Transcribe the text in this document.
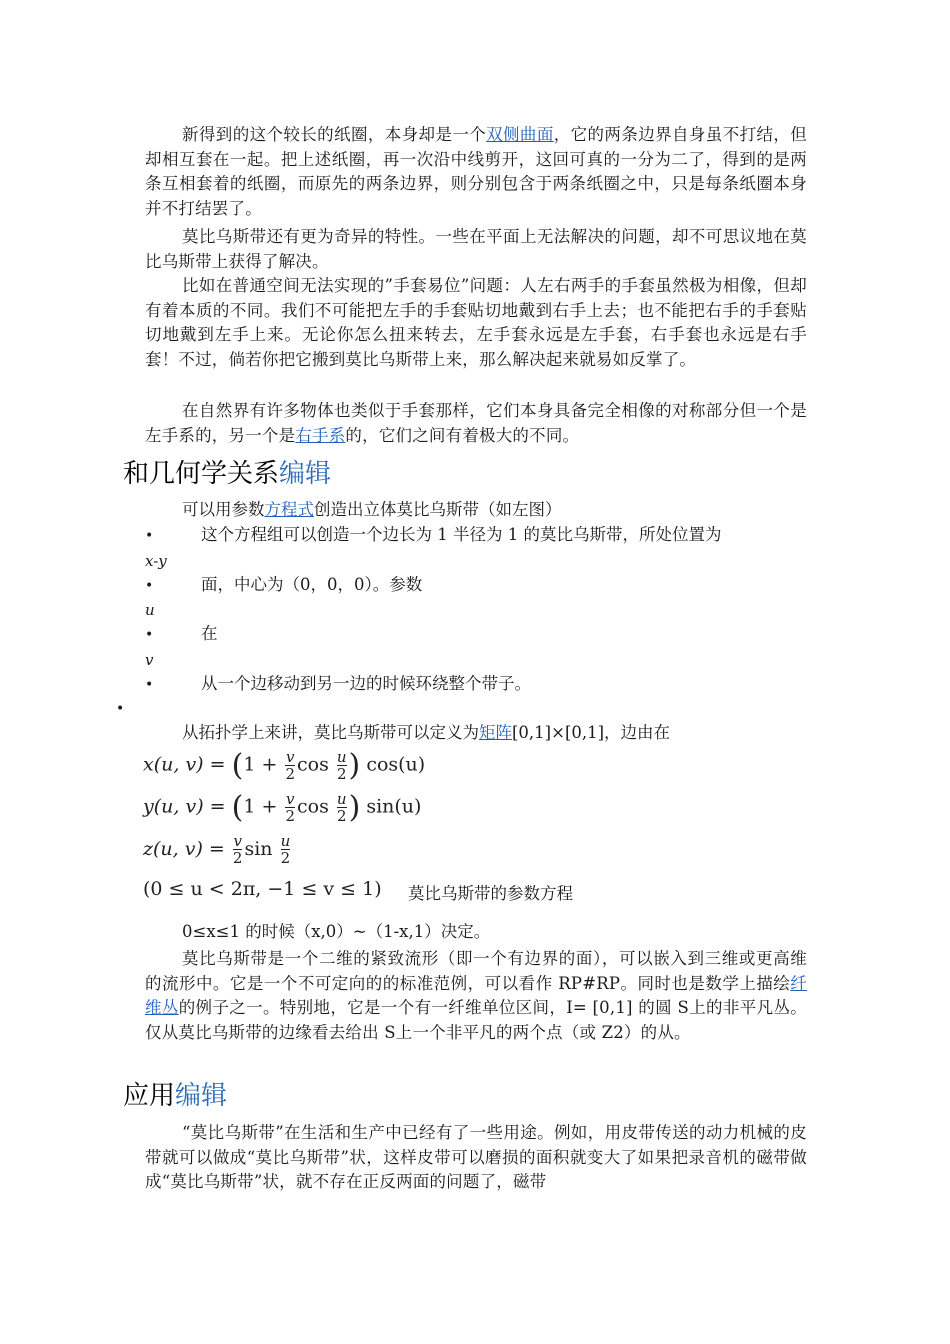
新得到的这个较长的纸圈，本身却是一个双侧曲面，它的两条边界自身虽不打结，但却相互套在一起。把上述纸圈，再一次沿中线剪开，这回可真的一分为二了，得到的是两条互相套着的纸圈，而原先的两条边界，则分别包含于两条纸圈之中，只是每条纸圈本身并不打结罢了。
莫比乌斯带还有更为奇异的特性。一些在平面上无法解决的问题，却不可思议地在莫比乌斯带上获得了解决。
比如在普通空间无法实现的”手套易位”问题：人左右两手的手套虽然极为相像，但却有着本质的不同。我们不可能把左手的手套贴切地戴到右手上去；也不能把右手的手套贴切地戴到左手上来。无论你怎么扭来转去，左手套永远是左手套，右手套也永远是右手套！不过，倘若你把它搬到莫比乌斯带上来，那么解决起来就易如反掌了。
在自然界有许多物体也类似于手套那样，它们本身具备完全相像的对称部分但一个是左手系的，另一个是右手系的，它们之间有着极大的不同。
和几何学关系编辑
可以用参数方程式创造出立体莫比乌斯带（如左图）
•	这个方程组可以创造一个边长为 1 半径为 1 的莫比乌斯带，所处位置为
x-y
•	面，中心为（0，0，0）。参数
u
•	在
v
•	从一个边移动到另一边的时候环绕整个带子。
•
从拓扑学上来讲，莫比乌斯带可以定义为矩阵[0,1]×[0,1]，边由在
x(u, $v) = (1 + \frac{v}{2}$ $\cos \frac{u}{2}$ ) cos(u)
y(u, $v) = (1 + \frac{v}{2}$ $\cos \frac{u}{2}$ ) sin(u)
z(u, $v) = \frac{v}{2}$ $\sin \frac{u}{2}$
(0 ≤ u < 2π, −1 ≤ v ≤ 1) 莫比乌斯带的参数方程
0≤x≤1 的时候（x,0）~（1-x,1）决定。
莫比乌斯带是一个二维的紧致流形（即一个有边界的面），可以嵌入到三维或更高维的流形中。它是一个不可定向的的标准范例，可以看作 RP#RP。同时也是数学上描绘纤维丛的例子之一。特别地，它是一个有一纤维单位区间，I= [0,1] 的圆 S上的非平凡丛。仅从莫比乌斯带的边缘看去给出 S上一个非平凡的两个点（或 Z2）的从。
应用编辑
“莫比乌斯带”在生活和生产中已经有了一些用途。例如，用皮带传送的动力机械的皮带就可以做成“莫比乌斯带”状，这样皮带可以磨损的面积就变大了如果把录音机的磁带做成“莫比乌斯带”状，就不存在正反两面的问题了，磁带
